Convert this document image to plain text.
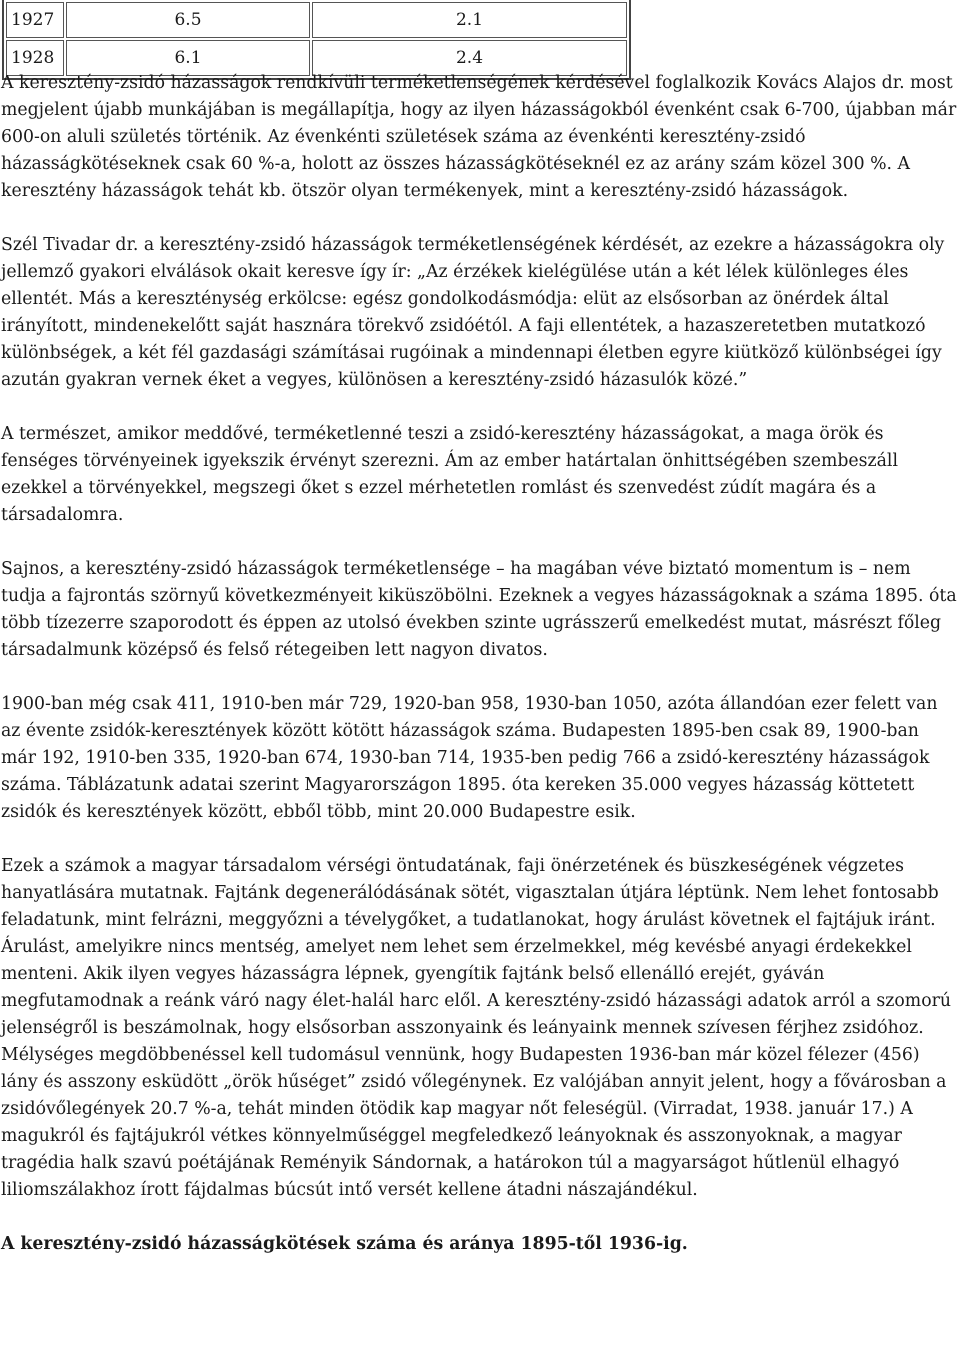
1927	6.5	2.1
1928	6.1	2.4

A keresztény-zsidó házasságok rendkívüli terméketlenségének kérdésével foglalkozik Kovács Alajos dr. most megjelent újabb munkájában is megállapítja, hogy az ilyen házasságokból évenként csak 6-700, újabban már 600-on aluli születés történik. Az évenkénti születések száma az évenkénti keresztény-zsidó házasságkötéseknek csak 60 %-a, holott az összes házasságkötéseknél ez az arány szám közel 300 %. A keresztény házasságok tehát kb. ötször olyan termékenyek, mint a keresztény-zsidó házasságok.

Szél Tivadar dr. a keresztény-zsidó házasságok terméketlenségének kérdését, az ezekre a házasságokra oly jellemző gyakori elválások okait keresve így ír: „Az érzékek kielégülése után a két lélek különleges éles ellentét. Más a kereszténység erkölcse: egész gondolkodásmódja: elüt az elsősorban az önérdek által irányított, mindenekelőtt saját hasznára törekvő zsidóétól. A faji ellentétek, a hazaszeretetben mutatkozó különbségek, a két fél gazdasági számításai rugóinak a mindennapi életben egyre kiütköző különbségei így azután gyakran vernek éket a vegyes, különösen a keresztény-zsidó házasulók közé.”

A természet, amikor meddővé, terméketlenné teszi a zsidó-keresztény házasságokat, a maga örök és fenséges törvényeinek igyekszik érvényt szerezni. Ám az ember határtalan önhittségében szembeszáll ezekkel a törvényekkel, megszegi őket s ezzel mérhetetlen romlást és szenvedést zúdít magára és a társadalomra.

Sajnos, a keresztény-zsidó házasságok terméketlensége – ha magában véve biztató momentum is – nem tudja a fajrontás szörnyű következményeit kiküszöbölni. Ezeknek a vegyes házasságoknak a száma 1895. óta több tízezerre szaporodott és éppen az utolsó években szinte ugrásszerű emelkedést mutat, másrészt főleg társadalmunk középső és felső rétegeiben lett nagyon divatos.

1900-ban még csak 411, 1910-ben már 729, 1920-ban 958, 1930-ban 1050, azóta állandóan ezer felett van az évente zsidók-keresztények között kötött házasságok száma. Budapesten 1895-ben csak 89, 1900-ban már 192, 1910-ben 335, 1920-ban 674, 1930-ban 714, 1935-ben pedig 766 a zsidó-keresztény házasságok száma. Táblázatunk adatai szerint Magyarországon 1895. óta kereken 35.000 vegyes házasság köttetett zsidók és keresztények között, ebből több, mint 20.000 Budapestre esik.

Ezek a számok a magyar társadalom vérségi öntudatának, faji önérzetének és büszkeségének végzetes hanyatlására mutatnak. Fajtánk degenerálódásának sötét, vigasztalan útjára léptünk. Nem lehet fontosabb feladatunk, mint felrázni, meggyőzni a tévelygőket, a tudatlanokat, hogy árulást követnek el fajtájuk iránt. Árulást, amelyikre nincs mentség, amelyet nem lehet sem érzelmekkel, még kevésbé anyagi érdekekkel menteni. Akik ilyen vegyes házasságra lépnek, gyengítik fajtánk belső ellenálló erejét, gyáván megfutamodnak a reánk váró nagy élet-halál harc elől. A keresztény-zsidó házassági adatok arról a szomorú jelenségről is beszámolnak, hogy elsősorban asszonyaink és leányaink mennek szívesen férjhez zsidóhoz. Mélységes megdöbbenéssel kell tudomásul vennünk, hogy Budapesten 1936-ban már közel félezer (456) lány és asszony esküdött „örök hűséget” zsidó vőlegénynek. Ez valójában annyit jelent, hogy a fővárosban a zsidóvőlegények 20.7 %-a, tehát minden ötödik kap magyar nőt feleségül. (Virradat, 1938. január 17.) A magukról és fajtájukról vétkes könnyelműséggel megfeledkező leányoknak és asszonyoknak, a magyar tragédia halk szavú poétájának Reményik Sándornak, a határokon túl a magyarságot hűtlenül elhagyó liliomszálakhoz írott fájdalmas búcsút intő versét kellene átadni nászajándékul.

A keresztény-zsidó házasságkötések száma és aránya 1895-től 1936-ig.
